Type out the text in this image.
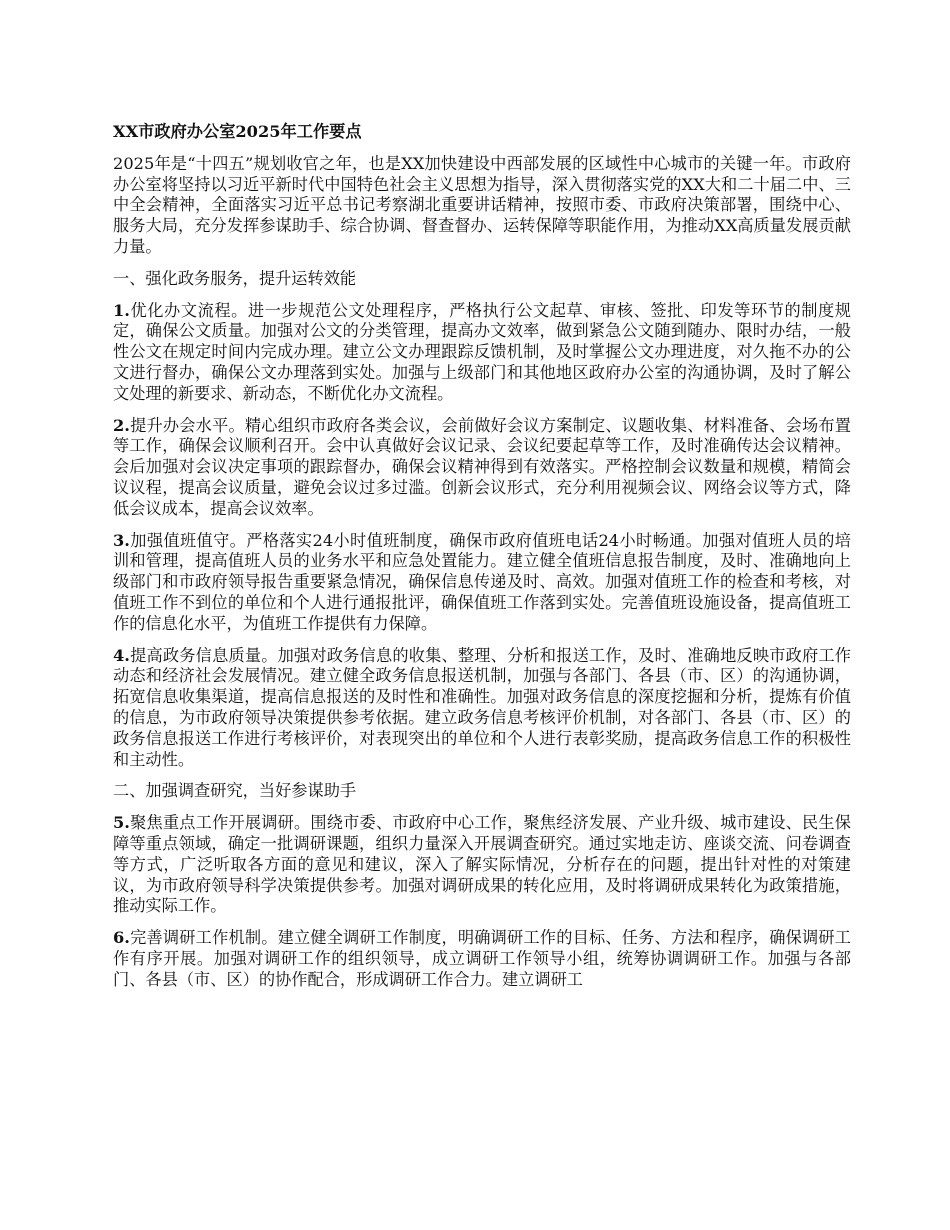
XX市政府办公室2025年工作要点

2025年是“十四五”规划收官之年，也是XX加快建设中西部发展的区域性中心城市的关键一年。市政府办公室将坚持以习近平新时代中国特色社会主义思想为指导，深入贯彻落实党的XX大和二十届二中、三中全会精神，全面落实习近平总书记考察湖北重要讲话精神，按照市委、市政府决策部署，围绕中心、服务大局，充分发挥参谋助手、综合协调、督查督办、运转保障等职能作用，为推动XX高质量发展贡献力量。

一、强化政务服务，提升运转效能

1.优化办文流程。进一步规范公文处理程序，严格执行公文起草、审核、签批、印发等环节的制度规定，确保公文质量。加强对公文的分类管理，提高办文效率，做到紧急公文随到随办、限时办结，一般性公文在规定时间内完成办理。建立公文办理跟踪反馈机制，及时掌握公文办理进度，对久拖不办的公文进行督办，确保公文办理落到实处。加强与上级部门和其他地区政府办公室的沟通协调，及时了解公文处理的新要求、新动态，不断优化办文流程。

2.提升办会水平。精心组织市政府各类会议，会前做好会议方案制定、议题收集、材料准备、会场布置等工作，确保会议顺利召开。会中认真做好会议记录、会议纪要起草等工作，及时准确传达会议精神。会后加强对会议决定事项的跟踪督办，确保会议精神得到有效落实。严格控制会议数量和规模，精简会议议程，提高会议质量，避免会议过多过滥。创新会议形式，充分利用视频会议、网络会议等方式，降低会议成本，提高会议效率。

3.加强值班值守。严格落实24小时值班制度，确保市政府值班电话24小时畅通。加强对值班人员的培训和管理，提高值班人员的业务水平和应急处置能力。建立健全值班信息报告制度，及时、准确地向上级部门和市政府领导报告重要紧急情况，确保信息传递及时、高效。加强对值班工作的检查和考核，对值班工作不到位的单位和个人进行通报批评，确保值班工作落到实处。完善值班设施设备，提高值班工作的信息化水平，为值班工作提供有力保障。

4.提高政务信息质量。加强对政务信息的收集、整理、分析和报送工作，及时、准确地反映市政府工作动态和经济社会发展情况。建立健全政务信息报送机制，加强与各部门、各县（市、区）的沟通协调，拓宽信息收集渠道，提高信息报送的及时性和准确性。加强对政务信息的深度挖掘和分析，提炼有价值的信息，为市政府领导决策提供参考依据。建立政务信息考核评价机制，对各部门、各县（市、区）的政务信息报送工作进行考核评价，对表现突出的单位和个人进行表彰奖励，提高政务信息工作的积极性和主动性。

二、加强调查研究，当好参谋助手

5.聚焦重点工作开展调研。围绕市委、市政府中心工作，聚焦经济发展、产业升级、城市建设、民生保障等重点领域，确定一批调研课题，组织力量深入开展调查研究。通过实地走访、座谈交流、问卷调查等方式，广泛听取各方面的意见和建议，深入了解实际情况，分析存在的问题，提出针对性的对策建议，为市政府领导科学决策提供参考。加强对调研成果的转化应用，及时将调研成果转化为政策措施，推动实际工作。

6.完善调研工作机制。建立健全调研工作制度，明确调研工作的目标、任务、方法和程序，确保调研工作有序开展。加强对调研工作的组织领导，成立调研工作领导小组，统筹协调调研工作。加强与各部门、各县（市、区）的协作配合，形成调研工作合力。建立调研工
